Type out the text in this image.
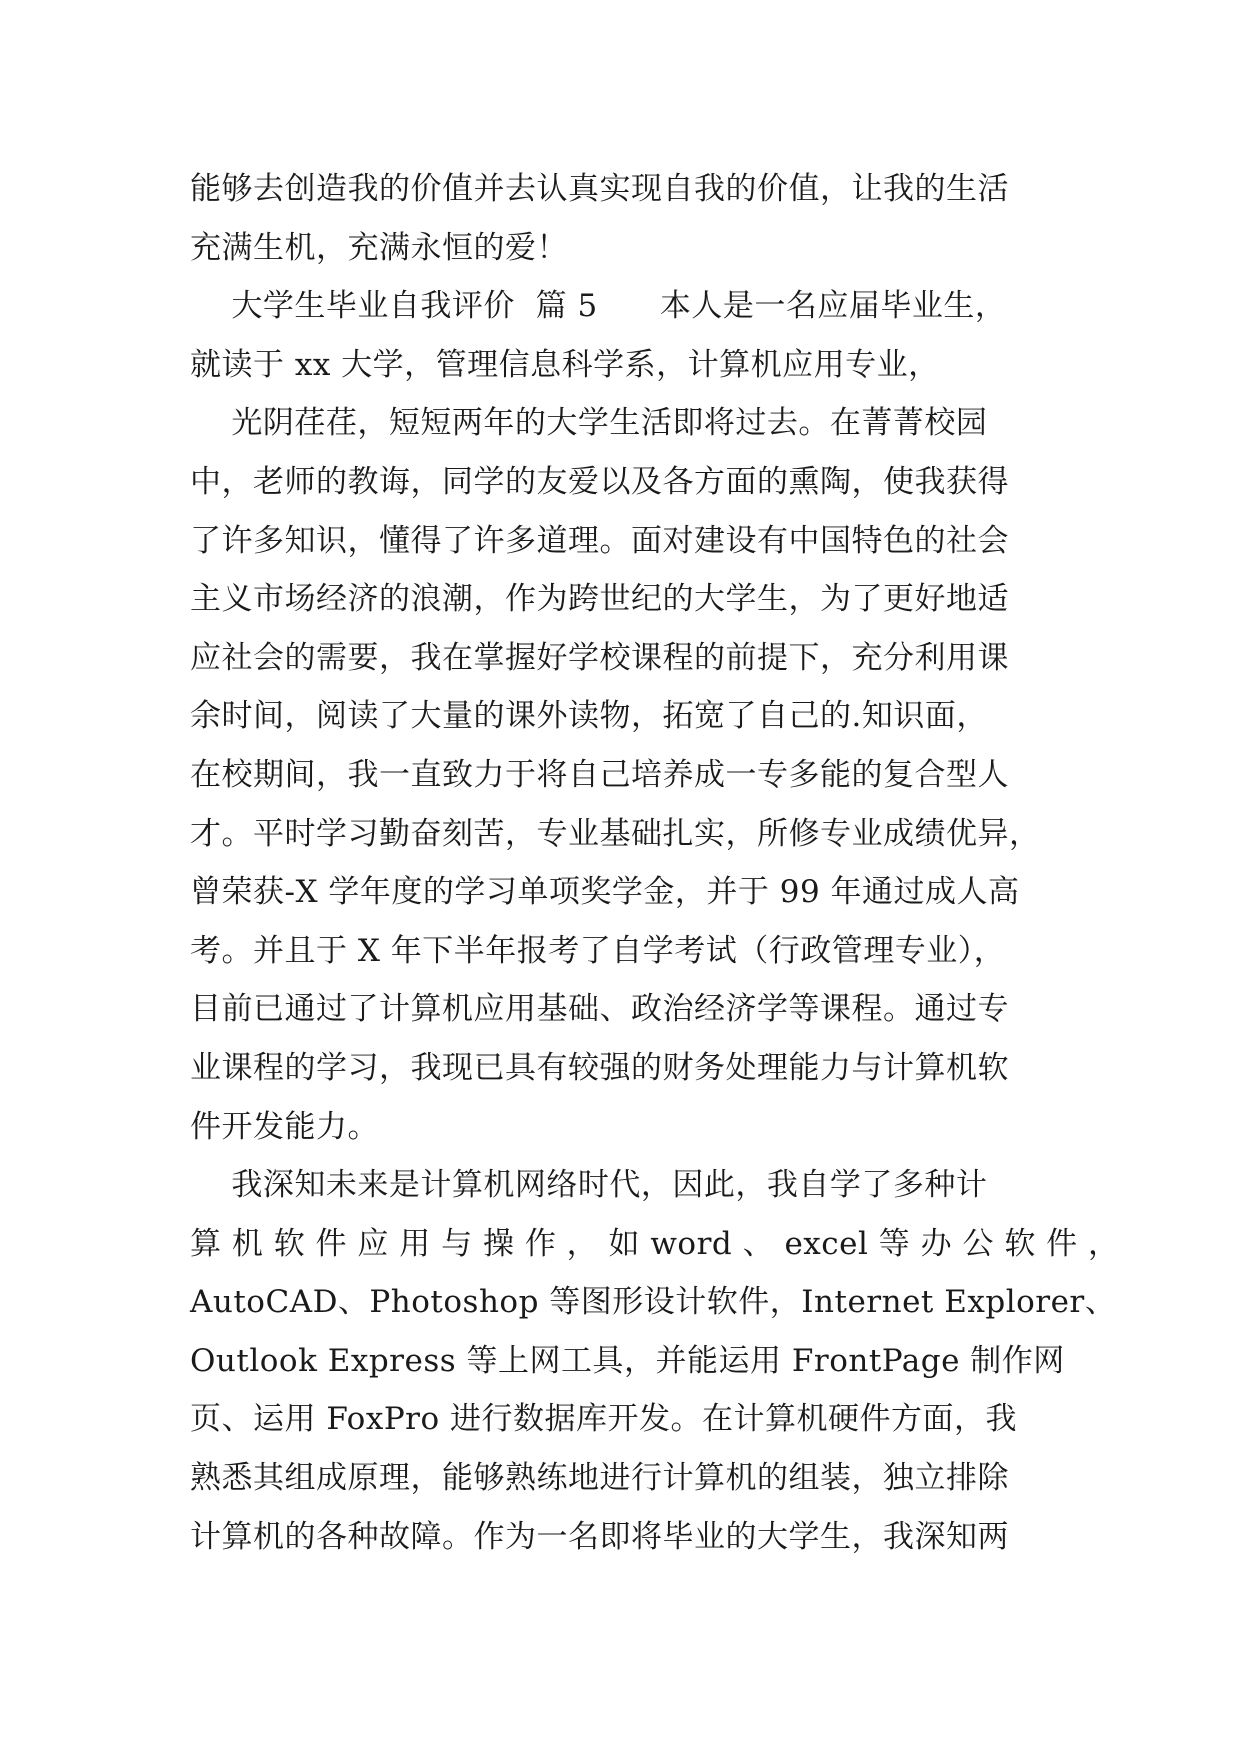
能够去创造我的价值并去认真实现自我的价值，让我的生活
充满生机，充满永恒的爱！
大学生毕业自我评价  篇 5      本人是一名应届毕业生，
就读于 xx 大学，管理信息科学系，计算机应用专业，
光阴荏荏，短短两年的大学生活即将过去。在菁菁校园
中，老师的教诲，同学的友爱以及各方面的熏陶，使我获得
了许多知识，懂得了许多道理。面对建设有中国特色的社会
主义市场经济的浪潮，作为跨世纪的大学生，为了更好地适
应社会的需要，我在掌握好学校课程的前提下，充分利用课
余时间，阅读了大量的课外读物，拓宽了自己的.知识面，
在校期间，我一直致力于将自己培养成一专多能的复合型人
才。平时学习勤奋刻苦，专业基础扎实，所修专业成绩优异，
曾荣获-X 学年度的学习单项奖学金，并于 99 年通过成人高
考。并且于 X 年下半年报考了自学考试（行政管理专业），
目前已通过了计算机应用基础、政治经济学等课程。通过专
业课程的学习，我现已具有较强的财务处理能力与计算机软
件开发能力。
我深知未来是计算机网络时代，因此，我自学了多种计
算 机 软 件 应 用 与 操 作 ， 如 word 、 excel 等 办 公 软 件 ，
AutoCAD、Photoshop 等图形设计软件，Internet Explorer、
Outlook Express 等上网工具，并能运用 FrontPage 制作网
页、运用 FoxPro 进行数据库开发。在计算机硬件方面，我
熟悉其组成原理，能够熟练地进行计算机的组装，独立排除
计算机的各种故障。作为一名即将毕业的大学生，我深知两
